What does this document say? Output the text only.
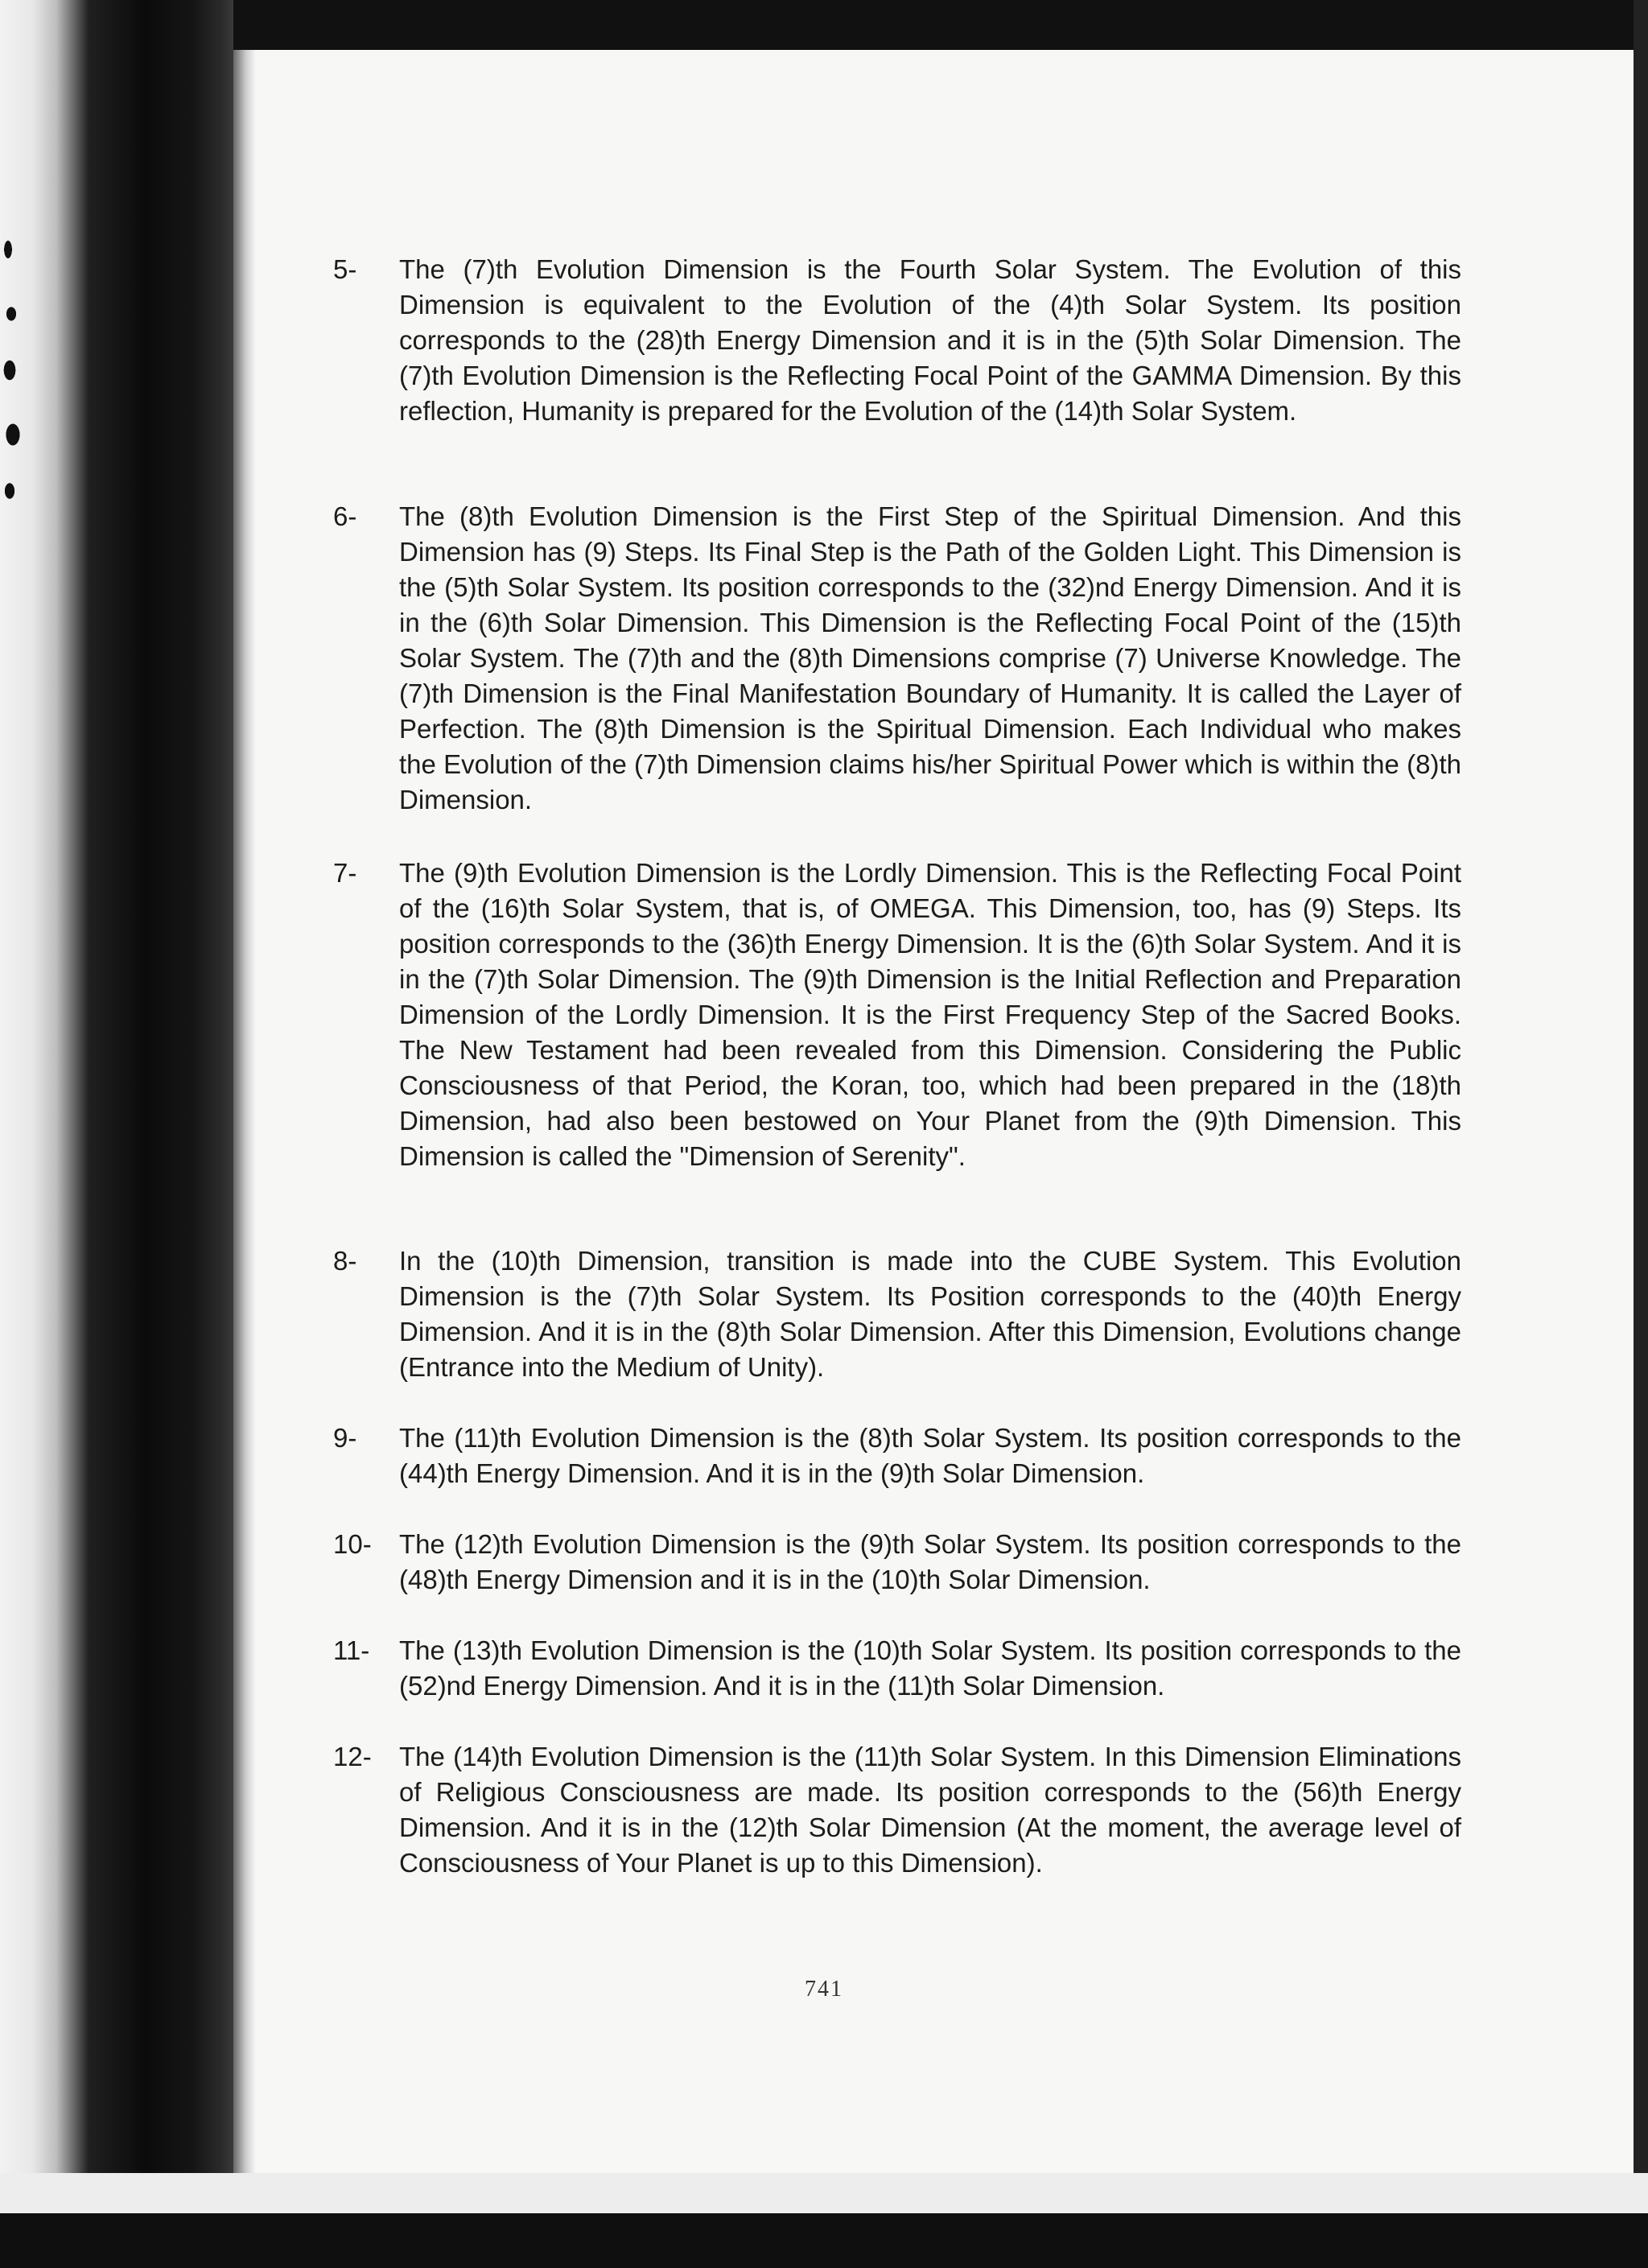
5-	The (7)th Evolution Dimension is the Fourth Solar System. The Evolution of this Dimension is equivalent to the Evolution of the (4)th Solar System. Its position corresponds to the (28)th Energy Dimension and it is in the (5)th Solar Dimension. The (7)th Evolution Dimension is the Reflecting Focal Point of the GAMMA Dimension. By this reflection, Humanity is prepared for the Evolution of the (14)th Solar System.
6-	The (8)th Evolution Dimension is the First Step of the Spiritual Dimension. And this Dimension has (9) Steps. Its Final Step is the Path of the Golden Light. This Dimension is the (5)th Solar System. Its position corresponds to the (32)nd Energy Dimension. And it is in the (6)th Solar Dimension. This Dimension is the Reflecting Focal Point of the (15)th Solar System. The (7)th and the (8)th Dimensions comprise (7) Universe Knowledge. The (7)th Dimension is the Final Manifestation Boundary of Humanity. It is called the Layer of Perfection. The (8)th Dimension is the Spiritual Dimension. Each Individual who makes the Evolution of the (7)th Dimension claims his/her Spiritual Power which is within the (8)th Dimension.
7-	The (9)th Evolution Dimension is the Lordly Dimension. This is the Reflecting Focal Point of the (16)th Solar System, that is, of OMEGA. This Dimension, too, has (9) Steps. Its position corresponds to the (36)th Energy Dimension. It is the (6)th Solar System. And it is in the (7)th Solar Dimension. The (9)th Dimension is the Initial Reflection and Preparation Dimension of the Lordly Dimension. It is the First Frequency Step of the Sacred Books. The New Testament had been revealed from this Dimension. Considering the Public Consciousness of that Period, the Koran, too, which had been prepared in the (18)th Dimension, had also been bestowed on Your Planet from the (9)th Dimension. This Dimension is called the "Dimension of Serenity".
8-	In the (10)th Dimension, transition is made into the CUBE System. This Evolution Dimension is the (7)th Solar System. Its Position corresponds to the (40)th Energy Dimension. And it is in the (8)th Solar Dimension. After this Dimension, Evolutions change (Entrance into the Medium of Unity).
9-	The (11)th Evolution Dimension is the (8)th Solar System. Its position corresponds to the (44)th Energy Dimension. And it is in the (9)th Solar Dimension.
10-	The (12)th Evolution Dimension is the (9)th Solar System. Its position corresponds to the (48)th Energy Dimension and it is in the (10)th Solar Dimension.
11-	The (13)th Evolution Dimension is the (10)th Solar System. Its position corresponds to the (52)nd Energy Dimension. And it is in the (11)th Solar Dimension.
12-	The (14)th Evolution Dimension is the (11)th Solar System. In this Dimension Eliminations of Religious Consciousness are made. Its position corresponds to the (56)th Energy Dimension. And it is in the (12)th Solar Dimension (At the moment, the average level of Consciousness of Your Planet is up to this Dimension).
741
